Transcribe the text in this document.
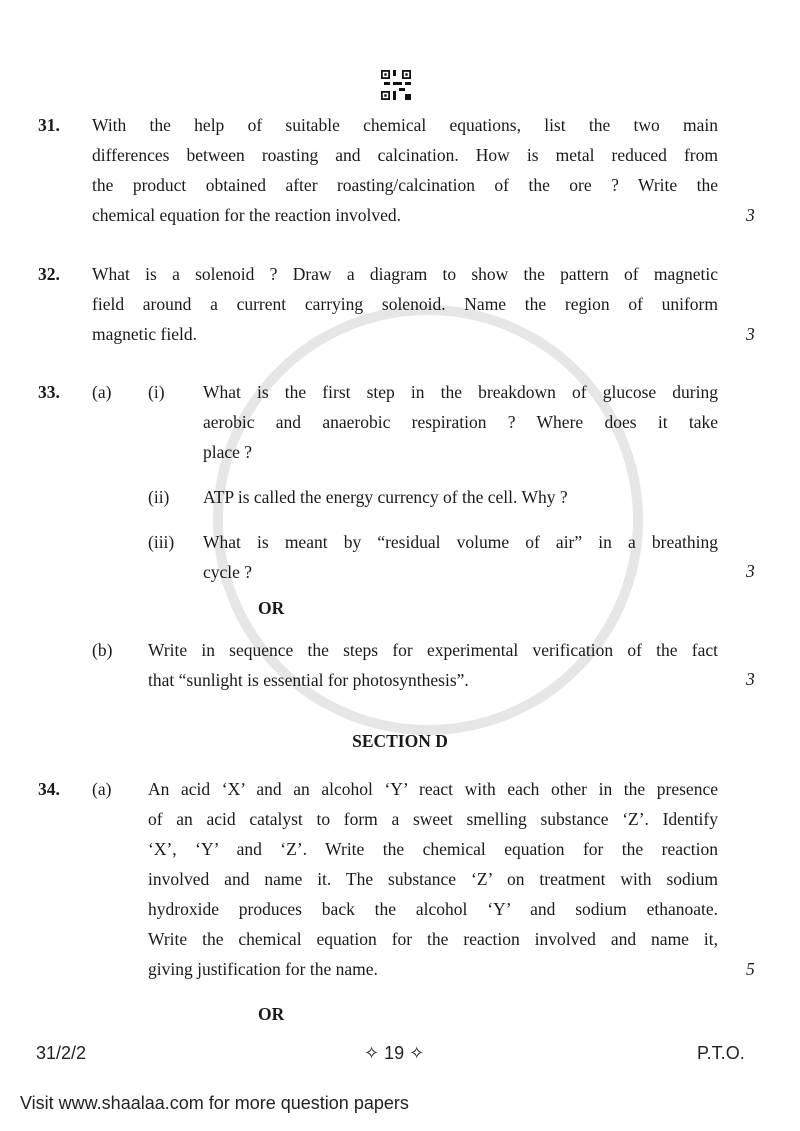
31. With the help of suitable chemical equations, list the two main
differences between roasting and calcination. How is metal reduced from
the product obtained after roasting/calcination of the ore ? Write the
chemical equation for the reaction involved.	3
32. What is a solenoid ? Draw a diagram to show the pattern of magnetic
field around a current carrying solenoid. Name the region of uniform
magnetic field.	3
33. (a) (i) What is the first step in the breakdown of glucose during
aerobic and anaerobic respiration ? Where does it take
place ?
(ii) ATP is called the energy currency of the cell. Why ?
(iii) What is meant by “residual volume of air” in a breathing
cycle ?	3
OR
(b) Write in sequence the steps for experimental verification of the fact
that “sunlight is essential for photosynthesis”.	3
SECTION D
34. (a) An acid ‘X’ and an alcohol ‘Y’ react with each other in the presence
of an acid catalyst to form a sweet smelling substance ‘Z’. Identify
‘X’, ‘Y’ and ‘Z’. Write the chemical equation for the reaction
involved and name it. The substance ‘Z’ on treatment with sodium
hydroxide produces back the alcohol ‘Y’ and sodium ethanoate.
Write the chemical equation for the reaction involved and name it,
giving justification for the name.	5
OR
31/2/2	✧ 19 ✧	P.T.O.
Visit www.shaalaa.com for more question papers
